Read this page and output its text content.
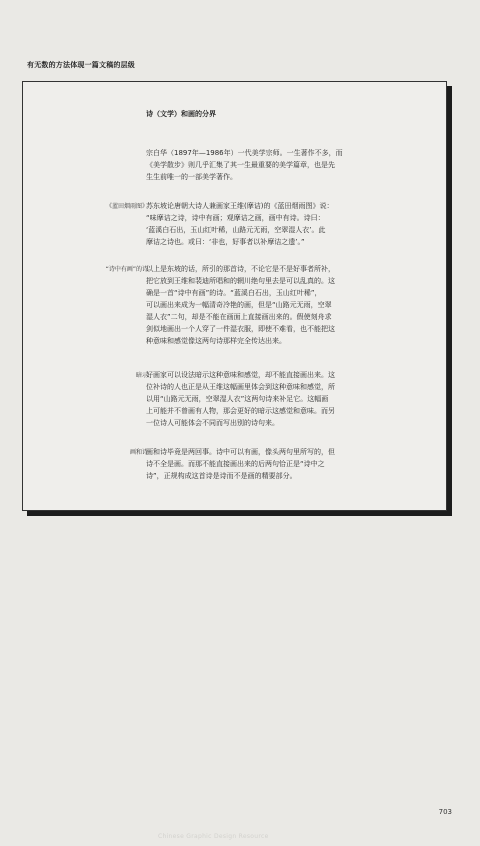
有无数的方法体现一篇文稿的层级
诗（文学）和画的分界
宗白华（1897年—1986年）一代美学宗师。一生著作不多，而
《美学散步》则几乎汇集了其一生最重要的美学篇章，也是先
生生前唯一的一部美学著作。
《蓝田烟雨图》
苏东坡论唐朝大诗人兼画家王维(摩诘)的《蓝田烟雨图》说：
“味摩诘之诗，诗中有画；观摩诘之画，画中有诗。诗曰：
‘蓝溪白石出，玉山红叶稀，山路元无雨，空翠湿人衣’。此
摩诘之诗也。或曰：‘非也，好事者以补摩诘之遗’。”
“诗中有画”的诗
以上是东坡的话，所引的那首诗，不论它是不是好事者所补，
把它放到王维和裴迪所唱和的辋川绝句里去是可以乱真的。这
确是一首“诗中有画”的诗。“蓝溪白石出，玉山红叶稀”，
可以画出来成为一幅清奇冷艳的画，但是“山路元无雨，空翠
湿人衣”二句，却是不能在画面上直接画出来的。假使刻舟求
剑似地画出一个人穿了一件湿衣服，即使不难看，也不能把这
种意味和感觉像这两句诗那样完全传达出来。
暗示
好画家可以设法暗示这种意味和感觉，却不能直接画出来。这
位补诗的人也正是从王维这幅画里体会到这种意味和感觉，所
以用“山路元无雨，空翠湿人衣”这两句诗来补足它。这幅画
上可能并不曾画有人物，那会更好的暗示这感觉和意味。而另
一位诗人可能体会不同而写出别的诗句来。
画和诗
画和诗毕竟是两回事。诗中可以有画，像头两句里所写的，但
诗不全是画。而那不能直接画出来的后两句恰正是“诗中之
诗”，正规构成这首诗是诗而不是画的精要部分。
703
Chinese Graphic Design Resource
